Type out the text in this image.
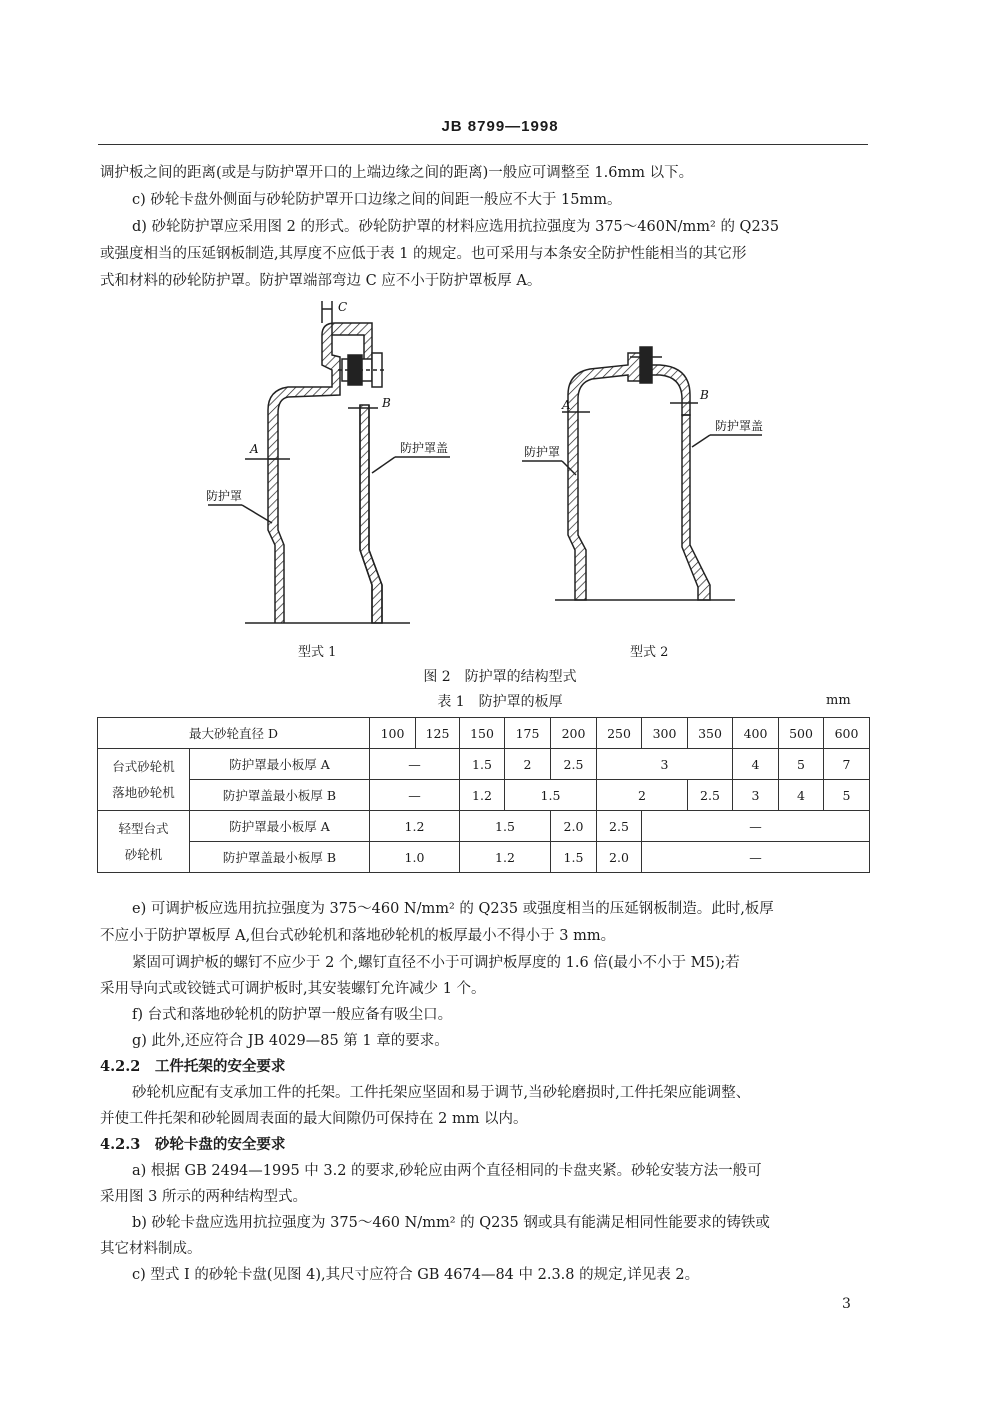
JB 8799—1998
调护板之间的距离(或是与防护罩开口的上端边缘之间的距离)一般应可调整至 1.6mm 以下。
c) 砂轮卡盘外侧面与砂轮防护罩开口边缘之间的间距一般应不大于 15mm。
d) 砂轮防护罩应采用图 2 的形式。砂轮防护罩的材料应选用抗拉强度为 375～460N/mm² 的 Q235
或强度相当的压延钢板制造,其厚度不应低于表 1 的规定。也可采用与本条安全防护性能相当的其它形
式和材料的砂轮防护罩。防护罩端部弯边 C 应不小于防护罩板厚 A。
C
A
B
防护罩
防护罩盖
A
B
防护罩
防护罩盖
型式 1	型式 2
图 2　防护罩的结构型式
表 1　防护罩的板厚	mm
最大砂轮直径 D		100	125	150	175	200	250	300	350	400	500	600
台式砂轮机
落地砂轮机	防护罩最小板厚 A	—		1.5	2	2.5	3			4	5	7
	防护罩盖最小板厚 B	—		1.2	1.5		2		2.5	3	4	5
轻型台式
砂轮机	防护罩最小板厚 A	1.2		1.5		2.0	2.5	—				
	防护罩盖最小板厚 B	1.0		1.2		1.5	2.0	—				
e) 可调护板应选用抗拉强度为 375～460 N/mm² 的 Q235 或强度相当的压延钢板制造。此时,板厚
不应小于防护罩板厚 A,但台式砂轮机和落地砂轮机的板厚最小不得小于 3 mm。
紧固可调护板的螺钉不应少于 2 个,螺钉直径不小于可调护板厚度的 1.6 倍(最小不小于 M5);若
采用导向式或铰链式可调护板时,其安装螺钉允许减少 1 个。
f) 台式和落地砂轮机的防护罩一般应备有吸尘口。
g) 此外,还应符合 JB 4029—85 第 1 章的要求。
4.2.2　工件托架的安全要求
砂轮机应配有支承加工件的托架。工件托架应坚固和易于调节,当砂轮磨损时,工件托架应能调整、
并使工件托架和砂轮圆周表面的最大间隙仍可保持在 2 mm 以内。
4.2.3　砂轮卡盘的安全要求
a) 根据 GB 2494—1995 中 3.2 的要求,砂轮应由两个直径相同的卡盘夹紧。砂轮安装方法一般可
采用图 3 所示的两种结构型式。
b) 砂轮卡盘应选用抗拉强度为 375～460 N/mm² 的 Q235 钢或具有能满足相同性能要求的铸铁或
其它材料制成。
c) 型式 I 的砂轮卡盘(见图 4),其尺寸应符合 GB 4674—84 中 2.3.8 的规定,详见表 2。
3
